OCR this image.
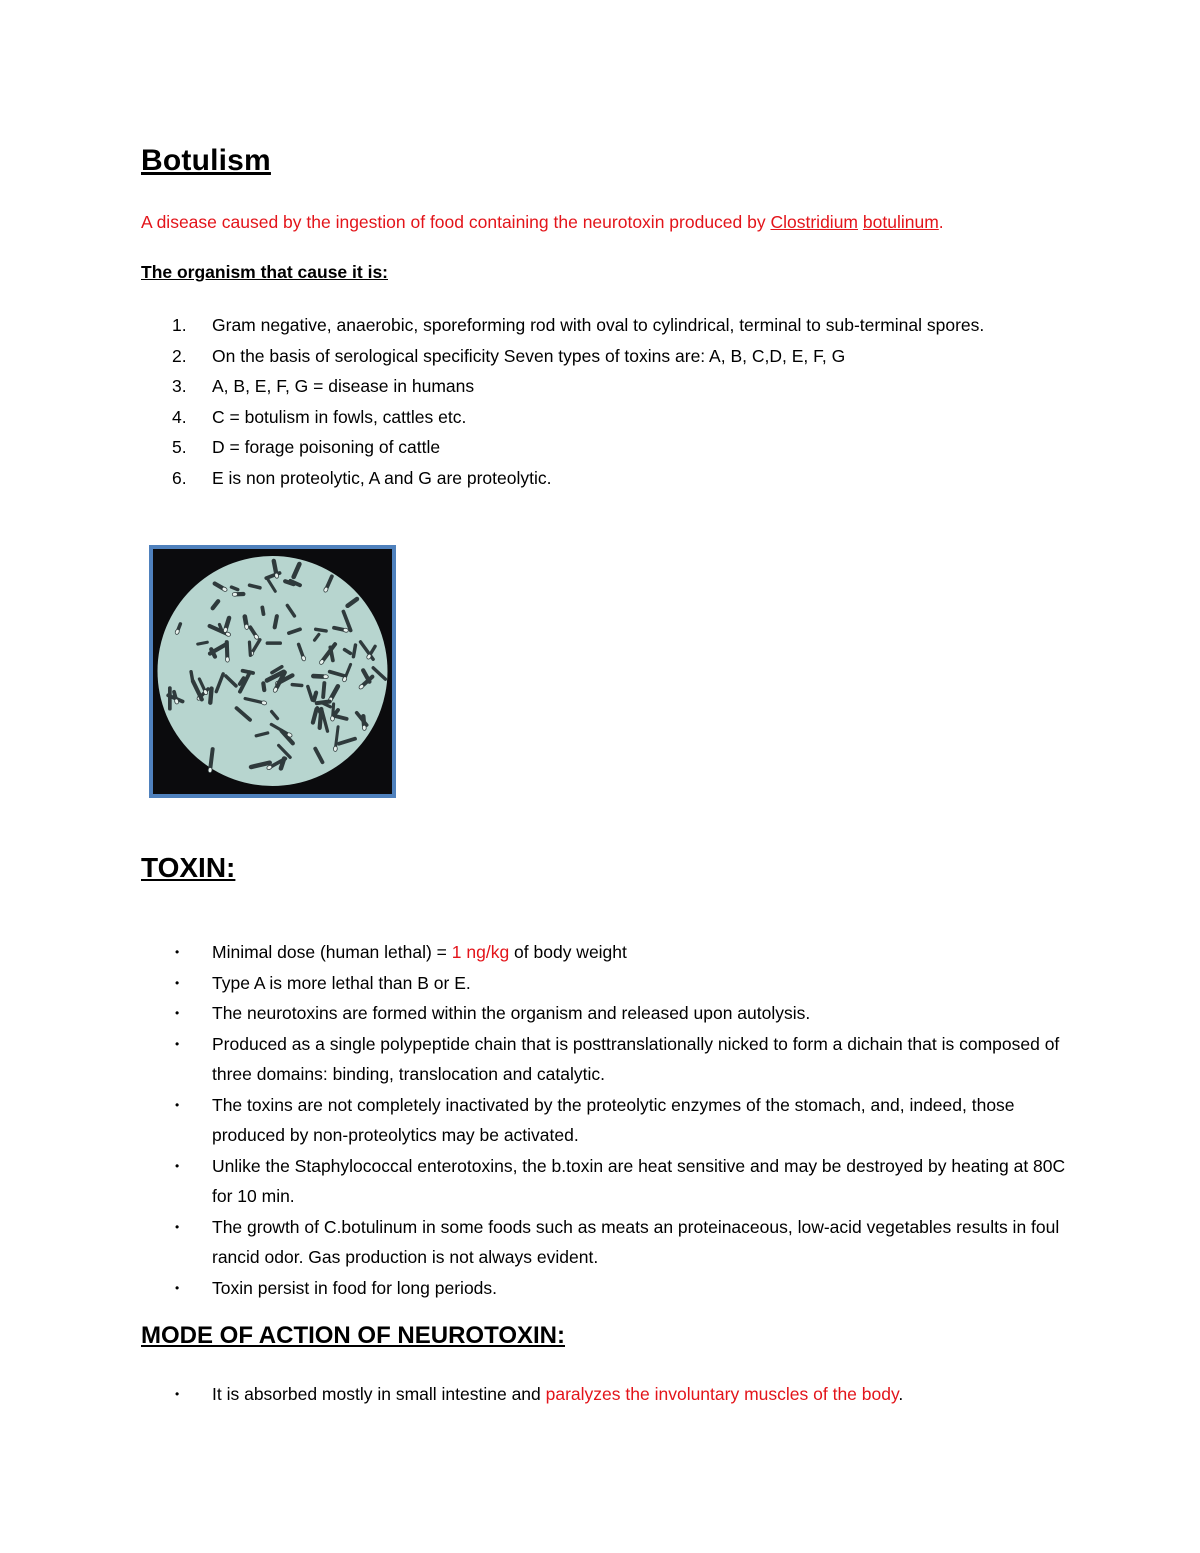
Botulism

A disease caused by the ingestion of food containing the neurotoxin produced by Clostridium botulinum.

The organism that cause it is:

1. Gram negative, anaerobic, sporeforming rod with oval to cylindrical, terminal to sub-terminal spores.
2. On the basis of serological specificity Seven types of toxins are: A, B, C,D, E, F, G
3. A, B, E, F, G = disease in humans
4. C = botulism in fowls, cattles etc.
5. D = forage poisoning of cattle
6. E is non proteolytic, A and G are proteolytic.
TOXIN:
• Minimal dose (human lethal) = 1 ng/kg of body weight
• Type A is more lethal than B or E.
• The neurotoxins are formed within the organism and released upon autolysis.
• Produced as a single polypeptide chain that is posttranslationally nicked to form a dichain that is composed of three domains: binding, translocation and catalytic.
• The toxins are not completely inactivated by the proteolytic enzymes of the stomach, and, indeed, those produced by non-proteolytics may be activated.
• Unlike the Staphylococcal enterotoxins, the b.toxin are heat sensitive and may be destroyed by heating at 80C for 10 min.
• The growth of C.botulinum in some foods such as meats an proteinaceous, low-acid vegetables results in foul rancid odor. Gas production is not always evident.
• Toxin persist in food for long periods.
MODE OF ACTION OF NEUROTOXIN:
• It is absorbed mostly in small intestine and paralyzes the involuntary muscles of the body.
